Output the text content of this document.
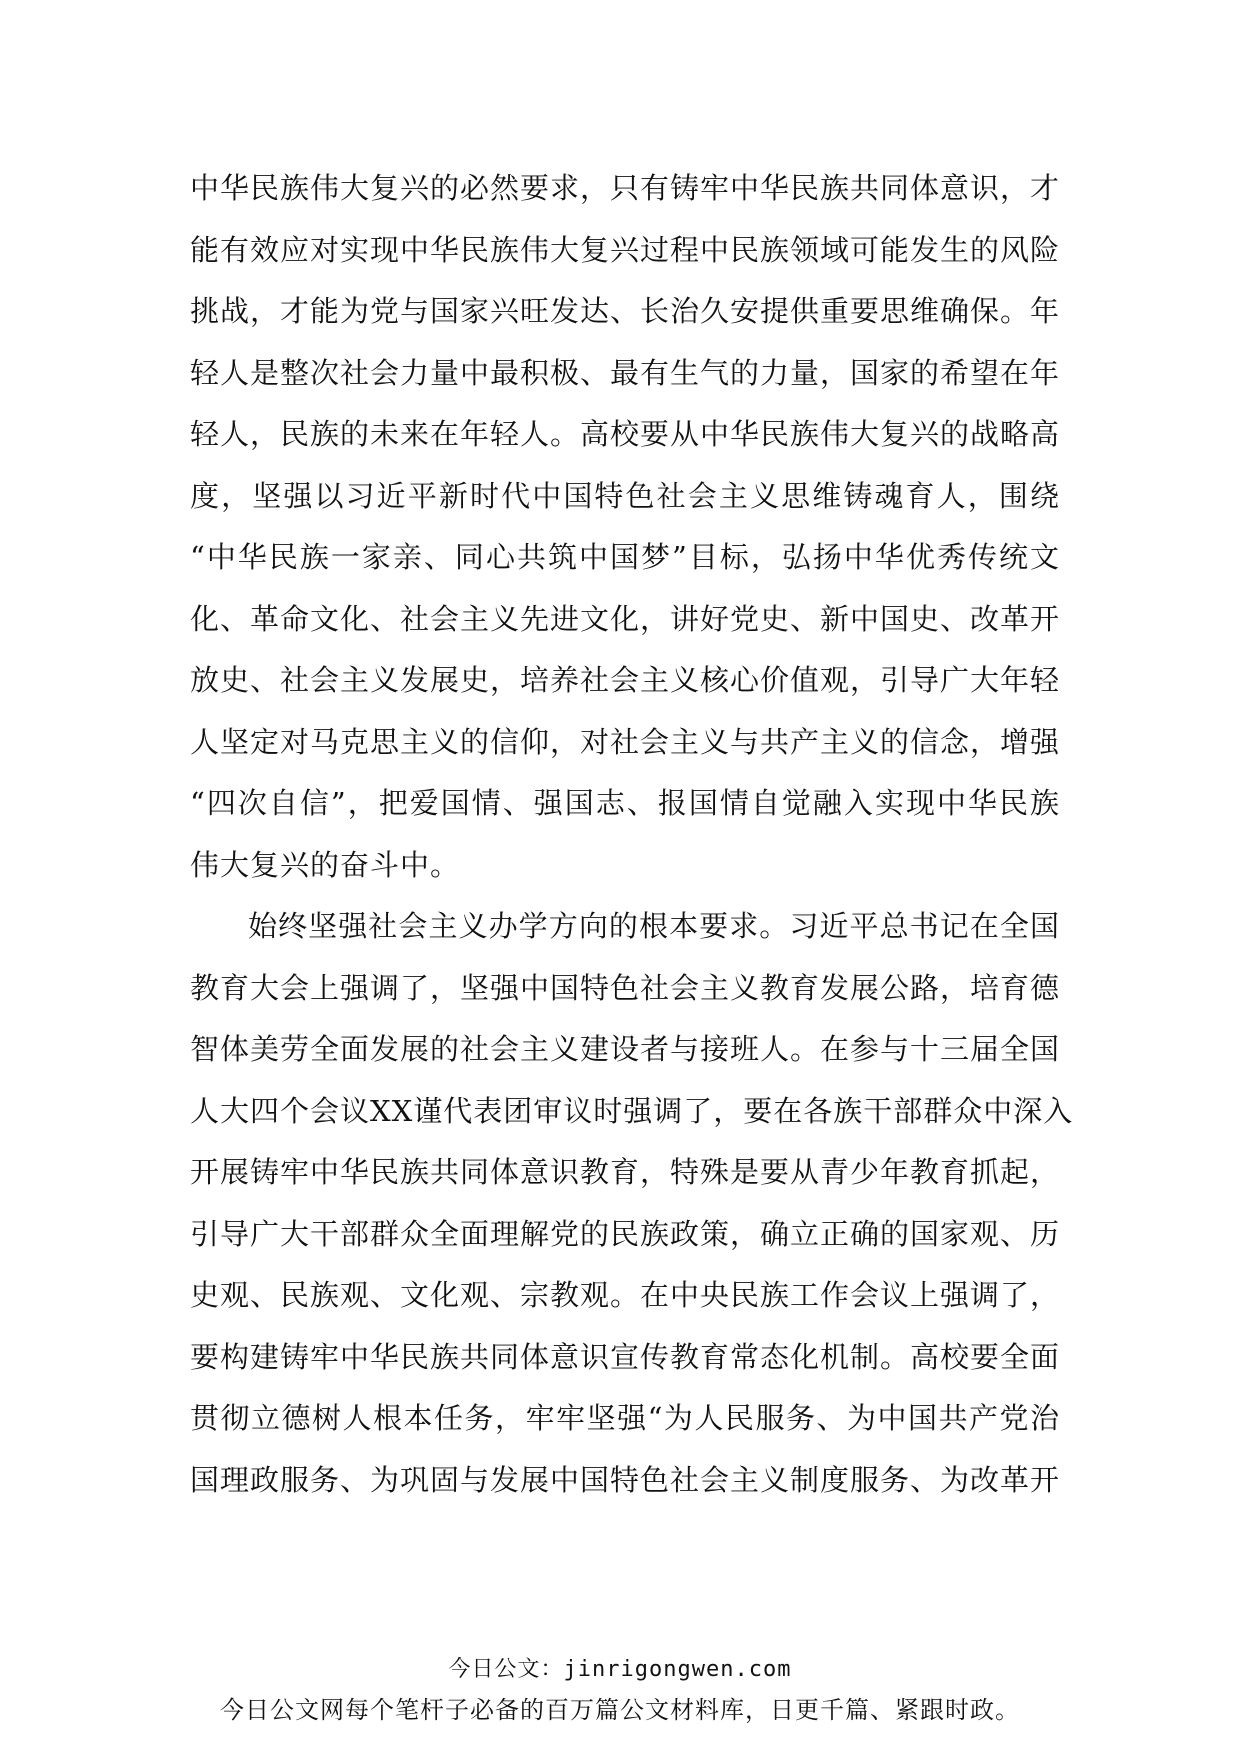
中华民族伟大复兴的必然要求，只有铸牢中华民族共同体意识，才
能有效应对实现中华民族伟大复兴过程中民族领域可能发生的风险
挑战，才能为党与国家兴旺发达、长治久安提供重要思维确保。年
轻人是整次社会力量中最积极、最有生气的力量，国家的希望在年
轻人，民族的未来在年轻人。高校要从中华民族伟大复兴的战略高
度，坚强以习近平新时代中国特色社会主义思维铸魂育人，围绕
“中华民族一家亲、同心共筑中国梦”目标，弘扬中华优秀传统文
化、革命文化、社会主义先进文化，讲好党史、新中国史、改革开
放史、社会主义发展史，培养社会主义核心价值观，引导广大年轻
人坚定对马克思主义的信仰，对社会主义与共产主义的信念，增强
“四次自信”，把爱国情、强国志、报国情自觉融入实现中华民族
伟大复兴的奋斗中。
始终坚强社会主义办学方向的根本要求。习近平总书记在全国
教育大会上强调了，坚强中国特色社会主义教育发展公路，培育德
智体美劳全面发展的社会主义建设者与接班人。在参与十三届全国
人大四个会议XX谨代表团审议时强调了，要在各族干部群众中深入
开展铸牢中华民族共同体意识教育，特殊是要从青少年教育抓起，
引导广大干部群众全面理解党的民族政策，确立正确的国家观、历
史观、民族观、文化观、宗教观。在中央民族工作会议上强调了，
要构建铸牢中华民族共同体意识宣传教育常态化机制。高校要全面
贯彻立德树人根本任务，牢牢坚强“为人民服务、为中国共产党治
国理政服务、为巩固与发展中国特色社会主义制度服务、为改革开
今日公文：jinrigongwen.com
今日公文网每个笔杆子必备的百万篇公文材料库，日更千篇、紧跟时政。
